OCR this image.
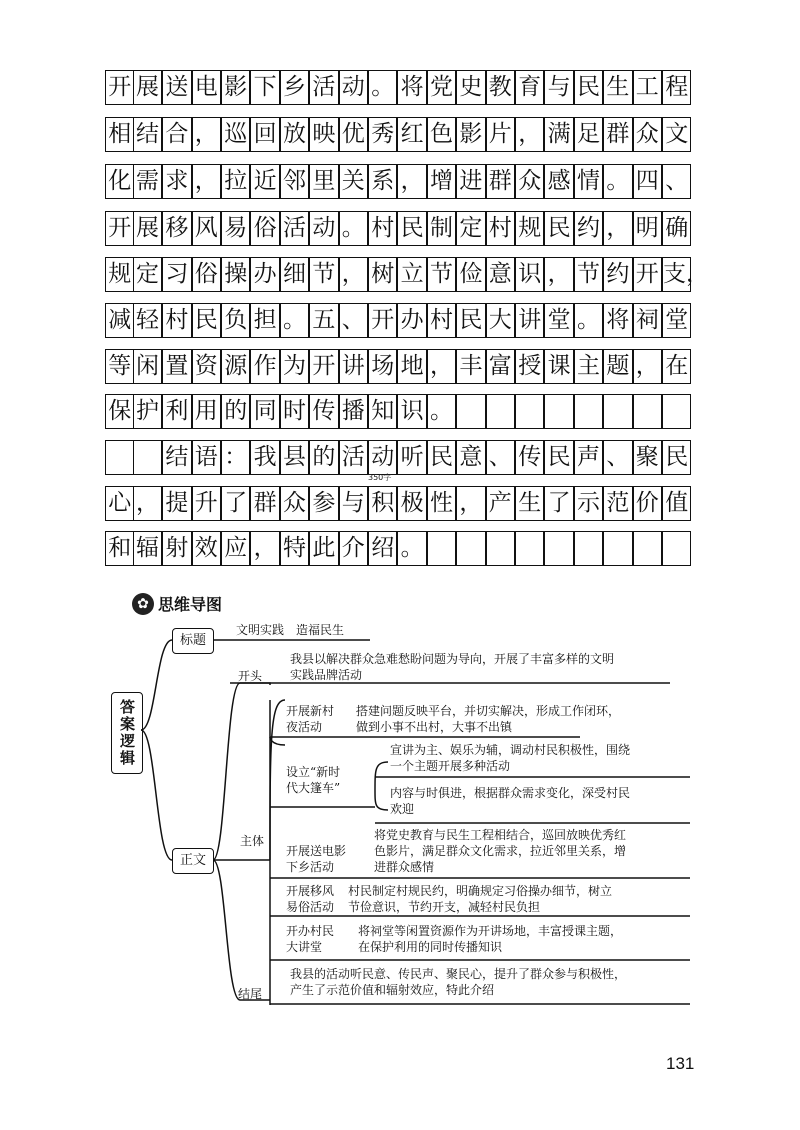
开 展 送 电 影 下 乡 活 动 。 将 党 史 教 育 与 民 生 工 程
相 结 合 ， 巡 回 放 映 优 秀 红 色 影 片 ， 满 足 群 众 文
化 需 求 ， 拉 近 邻 里 关 系 ， 增 进 群 众 感 情 。 四 、
开 展 移 风 易 俗 活 动 。 村 民 制 定 村 规 民 约 ， 明 确
规 定 习 俗 操 办 细 节 ， 树 立 节 俭 意 识 ， 节 约 开 支，
减 轻 村 民 负 担 。 五 、 开 办 村 民 大 讲 堂 。 将 祠 堂
等 闲 置 资 源 作 为 开 讲 场 地 ， 丰 富 授 课 主 题 ， 在
保 护 利 用 的 同 时 传 播 知 识 。
结 语 ： 我 县 的 活 动 听 民 意 、 传 民 声 、 聚 民
心 ， 提 升 了 群 众 参 与 积 极 性 ， 产 生 了 示 范 价 值
和 辐 射 效 应 ， 特 此 介 绍 。
350字
✿ 思维导图
答案逻辑
标题
文明实践　造福民生
正文
开头
我县以解决群众急难愁盼问题为导向，开展了丰富多样的文明
实践品牌活动
主体
开展新村
夜活动
搭建问题反映平台，并切实解决，形成工作闭环，
做到小事不出村，大事不出镇
设立“新时
代大篷车”
宣讲为主、娱乐为辅，调动村民积极性，围绕
一个主题开展多种活动
内容与时俱进，根据群众需求变化，深受村民
欢迎
开展送电影
下乡活动
将党史教育与民生工程相结合，巡回放映优秀红
色影片，满足群众文化需求，拉近邻里关系，增
进群众感情
开展移风
易俗活动
村民制定村规民约，明确规定习俗操办细节，树立
节俭意识，节约开支，减轻村民负担
开办村民
大讲堂
将祠堂等闲置资源作为开讲场地，丰富授课主题，
在保护利用的同时传播知识
我县的活动听民意、传民声、聚民心，提升了群众参与积极性，
产生了示范价值和辐射效应，特此介绍
结尾
131
